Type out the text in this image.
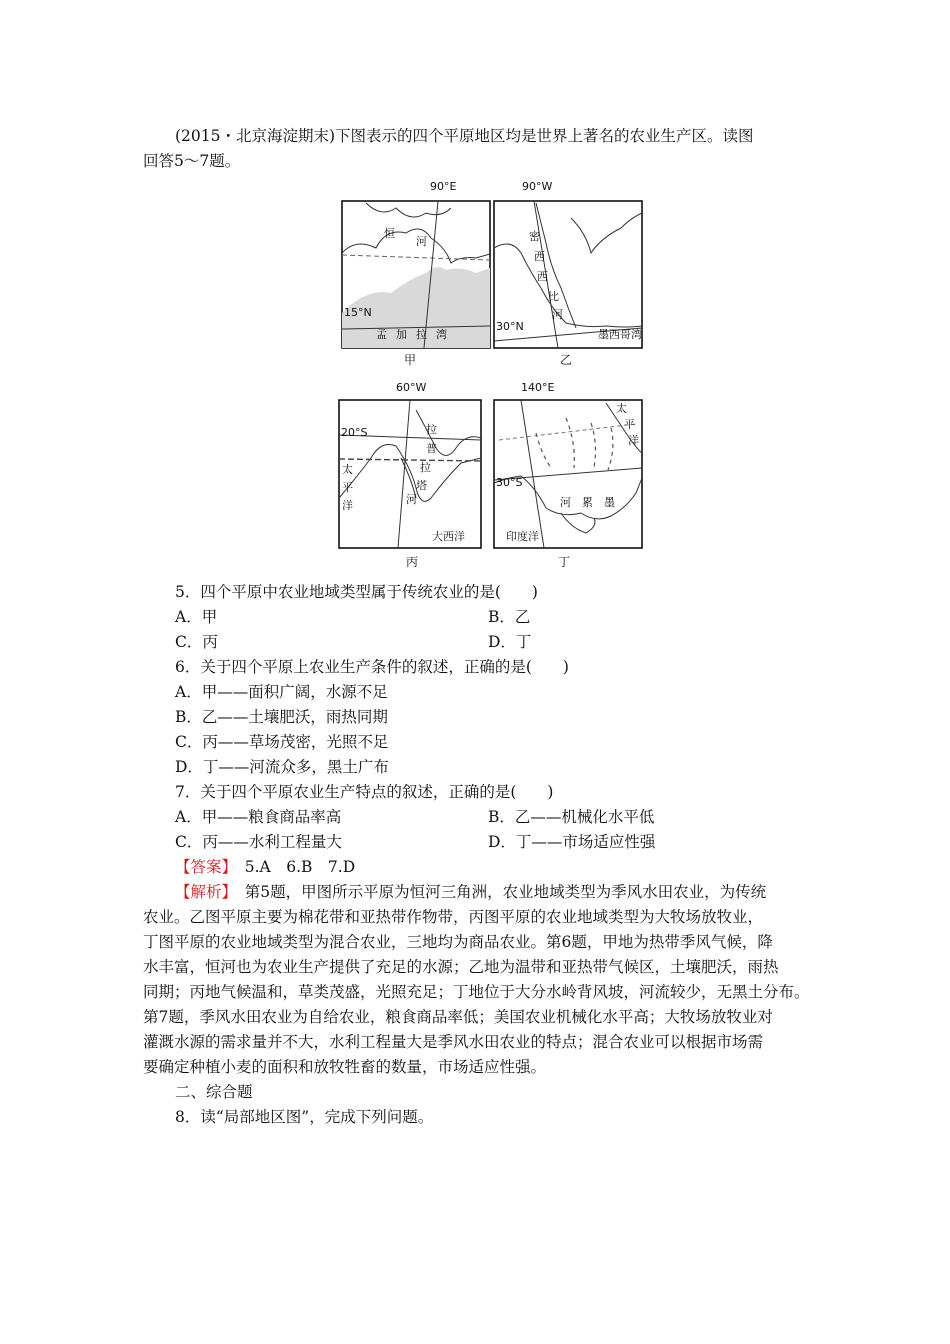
(2015・北京海淀期末)下图表示的四个平原地区均是世界上著名的农业生产区。读图
回答5～7题。
90°E
恒
河
15°N
孟 加 拉 湾
甲
90°W
密
西
西
比
河
30°N
墨西哥湾
乙
60°W
20°S	拉
普
拉
塔
河
太
平
洋
大西洋
丙
140°E
太
平
洋
30°S
河	墨
累
印度洋
丁
5．四个平原中农业地域类型属于传统农业的是(　　)
A．甲	B．乙
C．丙	D．丁
6．关于四个平原上农业生产条件的叙述，正确的是(　　)
A．甲——面积广阔，水源不足
B．乙——土壤肥沃，雨热同期
C．丙——草场茂密，光照不足
D．丁——河流众多，黑土广布
7．关于四个平原农业生产特点的叙述，正确的是(　　)
A．甲——粮食商品率高	B．乙——机械化水平低
C．丙——水利工程量大	D．丁——市场适应性强
【答案】　5.A　6.B　7.D
【解析】　第5题，甲图所示平原为恒河三角洲，农业地域类型为季风水田农业，为传统
农业。乙图平原主要为棉花带和亚热带作物带，丙图平原的农业地域类型为大牧场放牧业，
丁图平原的农业地域类型为混合农业，三地均为商品农业。第6题，甲地为热带季风气候，降
水丰富，恒河也为农业生产提供了充足的水源；乙地为温带和亚热带气候区，土壤肥沃，雨热
同期；丙地气候温和，草类茂盛，光照充足；丁地位于大分水岭背风坡，河流较少，无黑土分布。
第7题，季风水田农业为自给农业，粮食商品率低；美国农业机械化水平高；大牧场放牧业对
灌溉水源的需求量并不大，水利工程量大是季风水田农业的特点；混合农业可以根据市场需
要确定种植小麦的面积和放牧牲畜的数量，市场适应性强。
二、综合题
8．读“局部地区图”，完成下列问题。
